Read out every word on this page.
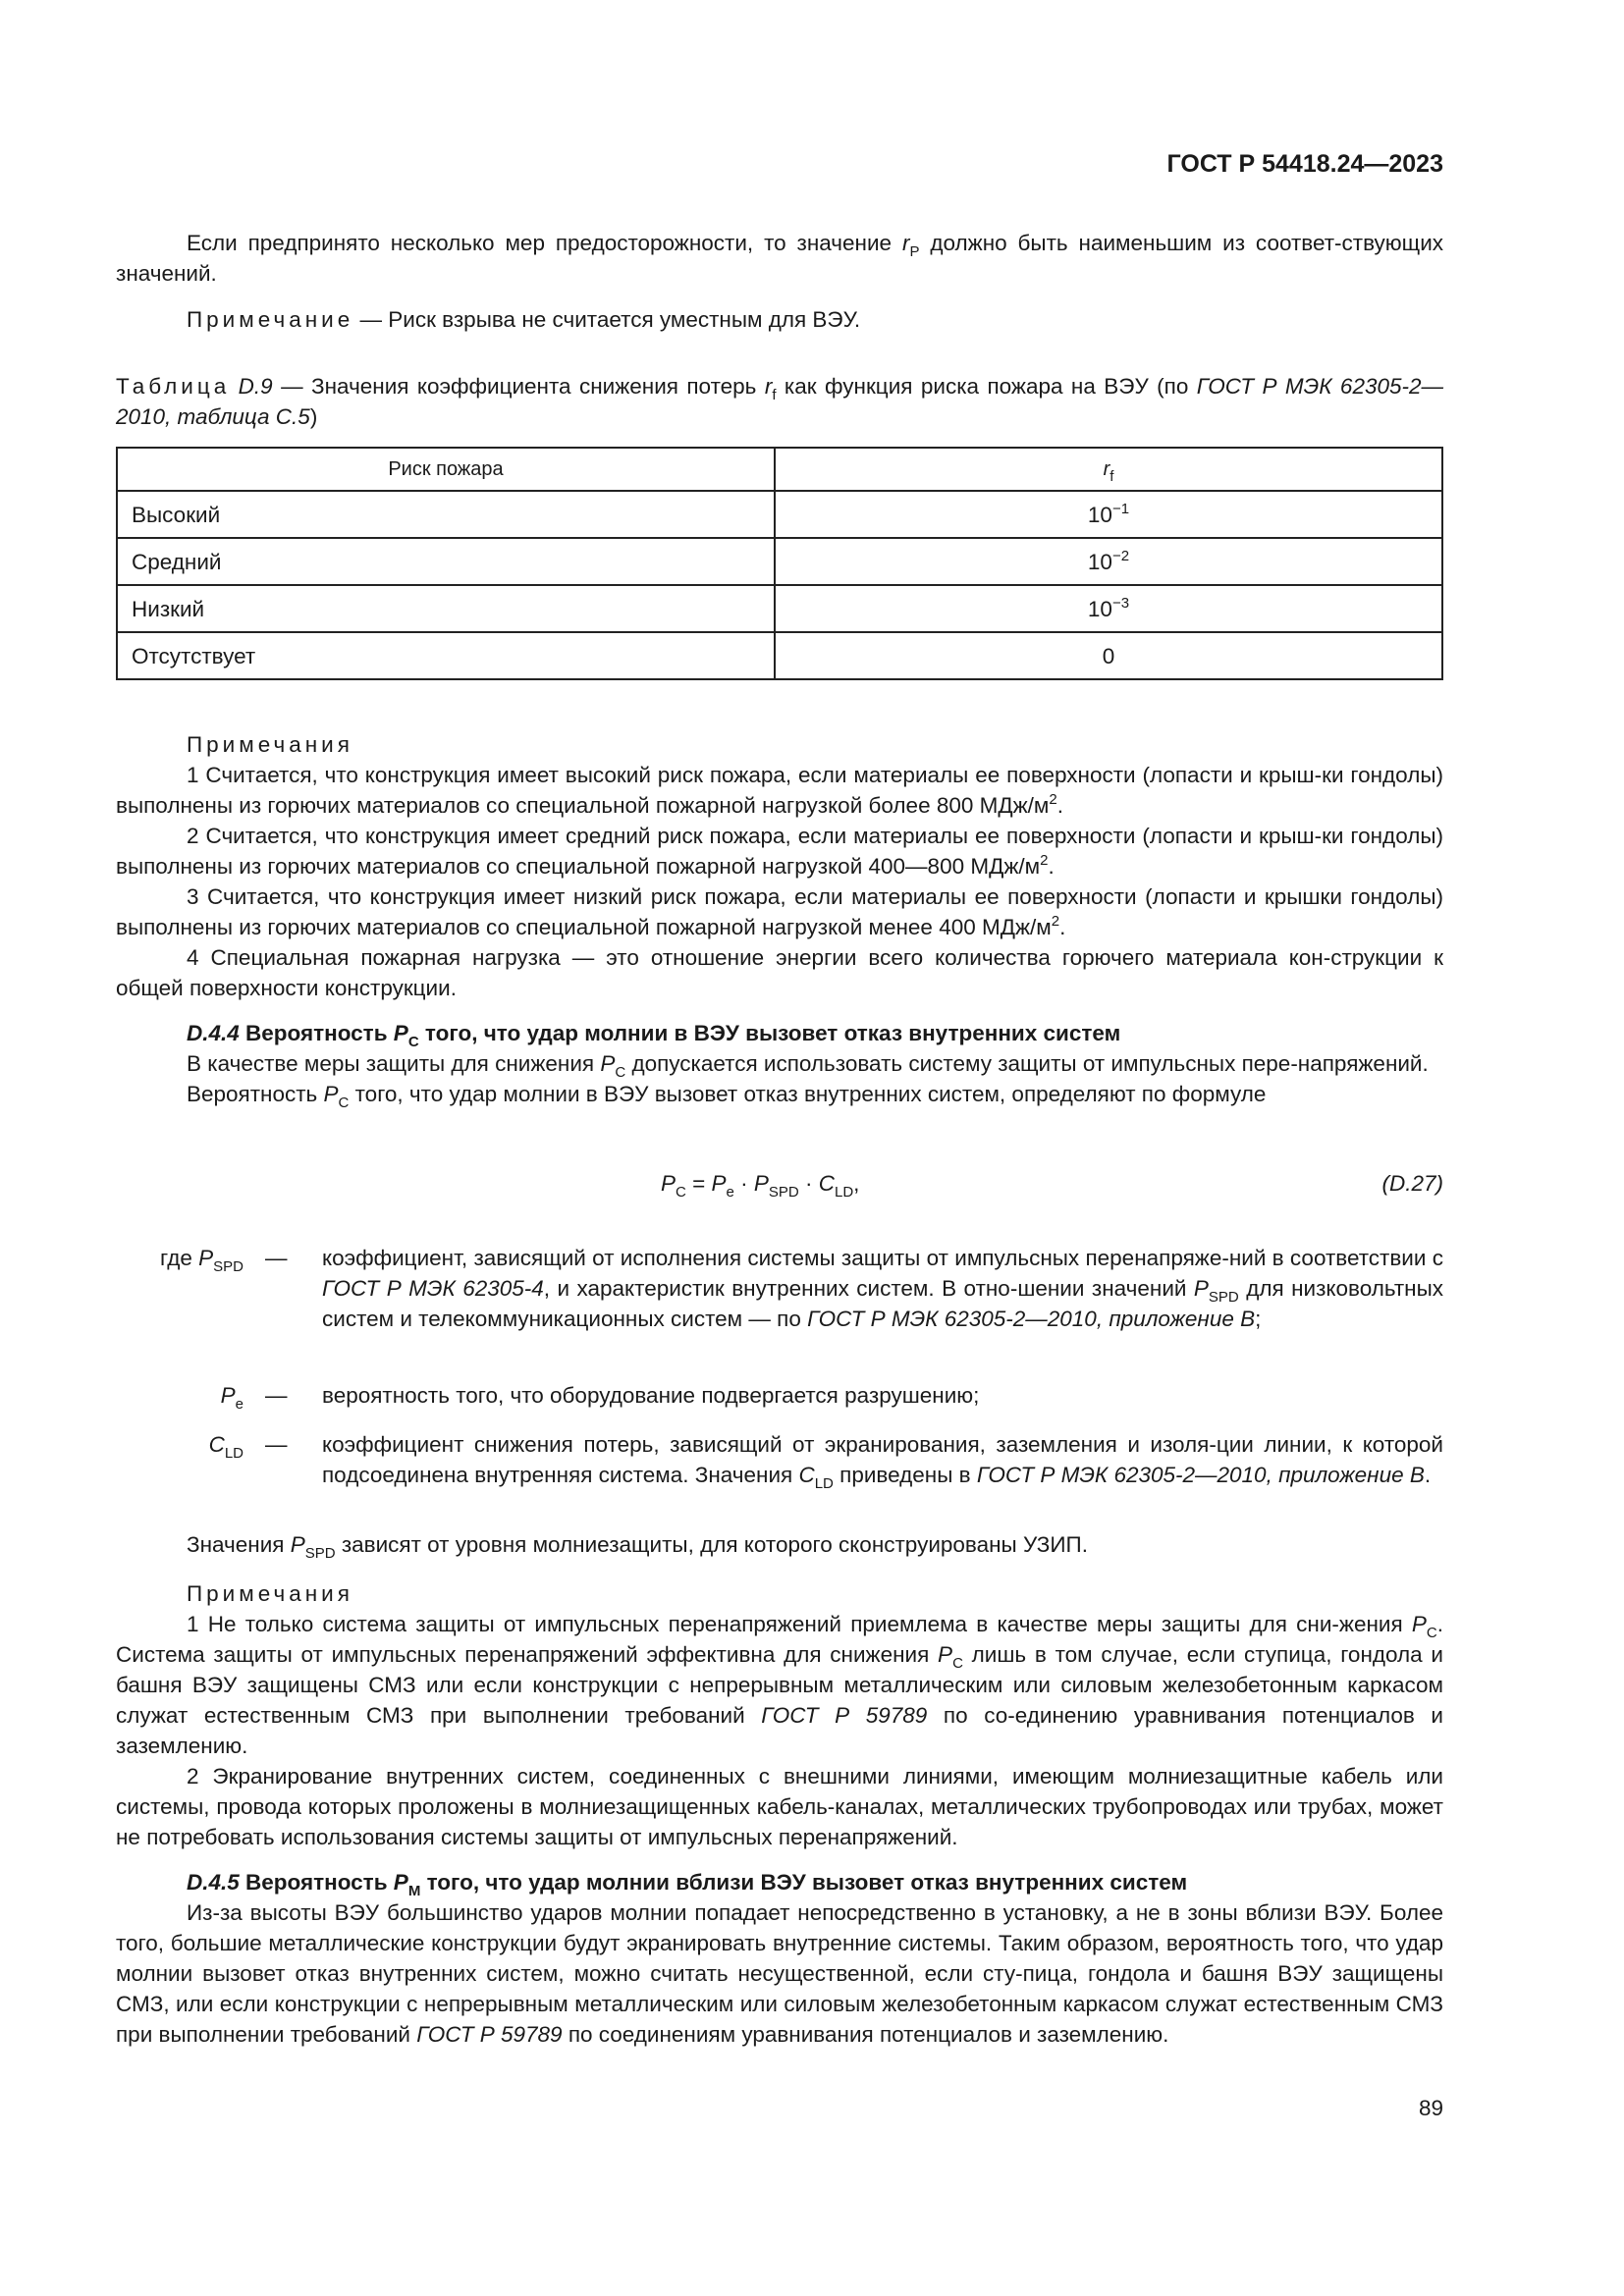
ГОСТ Р 54418.24—2023

Если предпринято несколько мер предосторожности, то значение $r_P$ должно быть наименьшим из соответ-ствующих значений.

Примечание — Риск взрыва не считается уместным для ВЭУ.

Таблица D.9 — Значения коэффициента снижения потерь $r_f$ как функция риска пожара на ВЭУ (по ГОСТ Р МЭК 62305-2—2010, таблица С.5)

Риск пожара	$r_f$
Высокий	$10^{-1}$
Средний	$10^{-2}$
Низкий	$10^{-3}$
Отсутствует	0

Примечания

1 Считается, что конструкция имеет высокий риск пожара, если материалы ее поверхности (лопасти и крыш-ки гондолы) выполнены из горючих материалов со специальной пожарной нагрузкой более 800 МДж/$м^2$.

2 Считается, что конструкция имеет средний риск пожара, если материалы ее поверхности (лопасти и крыш-ки гондолы) выполнены из горючих материалов со специальной пожарной нагрузкой 400—800 МДж/$м^2$.

3 Считается, что конструкция имеет низкий риск пожара, если материалы ее поверхности (лопасти и крышки гондолы) выполнены из горючих материалов со специальной пожарной нагрузкой менее 400 МДж/$м^2$.

4 Специальная пожарная нагрузка — это отношение энергии всего количества горючего материала кон-струкции к общей поверхности конструкции.

D.4.4 Вероятность $P_C$ того, что удар молнии в ВЭУ вызовет отказ внутренних систем

В качестве меры защиты для снижения $P_C$ допускается использовать систему защиты от импульсных пере-напряжений.

Вероятность $P_C$ того, что удар молнии в ВЭУ вызовет отказ внутренних систем, определяют по формуле

$P_C = P_e \cdot P_{SPD} \cdot C_{LD}$,	(D.27)
где $P_{SPD}$ — коэффициент, зависящий от исполнения системы защиты от импульсных перенапряже-ний в соответствии с ГОСТ Р МЭК 62305-4, и характеристик внутренних систем. В отно-шении значений $P_{SPD}$ для низковольтных систем и телекоммуникационных систем — по ГОСТ Р МЭК 62305-2—2010, приложение В;
$P_e$ — вероятность того, что оборудование подвергается разрушению;
$C_{LD}$ — коэффициент снижения потерь, зависящий от экранирования, заземления и изоля-ции линии, к которой подсоединена внутренняя система. Значения $C_{LD}$ приведены в ГОСТ Р МЭК 62305-2—2010, приложение В.

Значения $P_{SPD}$ зависят от уровня молниезащиты, для которого сконструированы УЗИП.

Примечания

1 Не только система защиты от импульсных перенапряжений приемлема в качестве меры защиты для сни-жения $P_C$. Система защиты от импульсных перенапряжений эффективна для снижения $P_C$ лишь в том случае, если ступица, гондола и башня ВЭУ защищены СМЗ или если конструкции с непрерывным металлическим или силовым железобетонным каркасом служат естественным СМЗ при выполнении требований ГОСТ Р 59789 по со-единению уравнивания потенциалов и заземлению.

2 Экранирование внутренних систем, соединенных с внешними линиями, имеющим молниезащитные кабель или системы, провода которых проложены в молниезащищенных кабель-каналах, металлических трубопроводах или трубах, может не потребовать использования системы защиты от импульсных перенапряжений.

D.4.5 Вероятность $P_M$ того, что удар молнии вблизи ВЭУ вызовет отказ внутренних систем

Из-за высоты ВЭУ большинство ударов молнии попадает непосредственно в установку, а не в зоны вблизи ВЭУ. Более того, большие металлические конструкции будут экранировать внутренние системы. Таким образом, вероятность того, что удар молнии вызовет отказ внутренних систем, можно считать несущественной, если сту-пица, гондола и башня ВЭУ защищены СМЗ, или если конструкции с непрерывным металлическим или силовым железобетонным каркасом служат естественным СМЗ при выполнении требований ГОСТ Р 59789 по соединениям уравнивания потенциалов и заземлению.

89
